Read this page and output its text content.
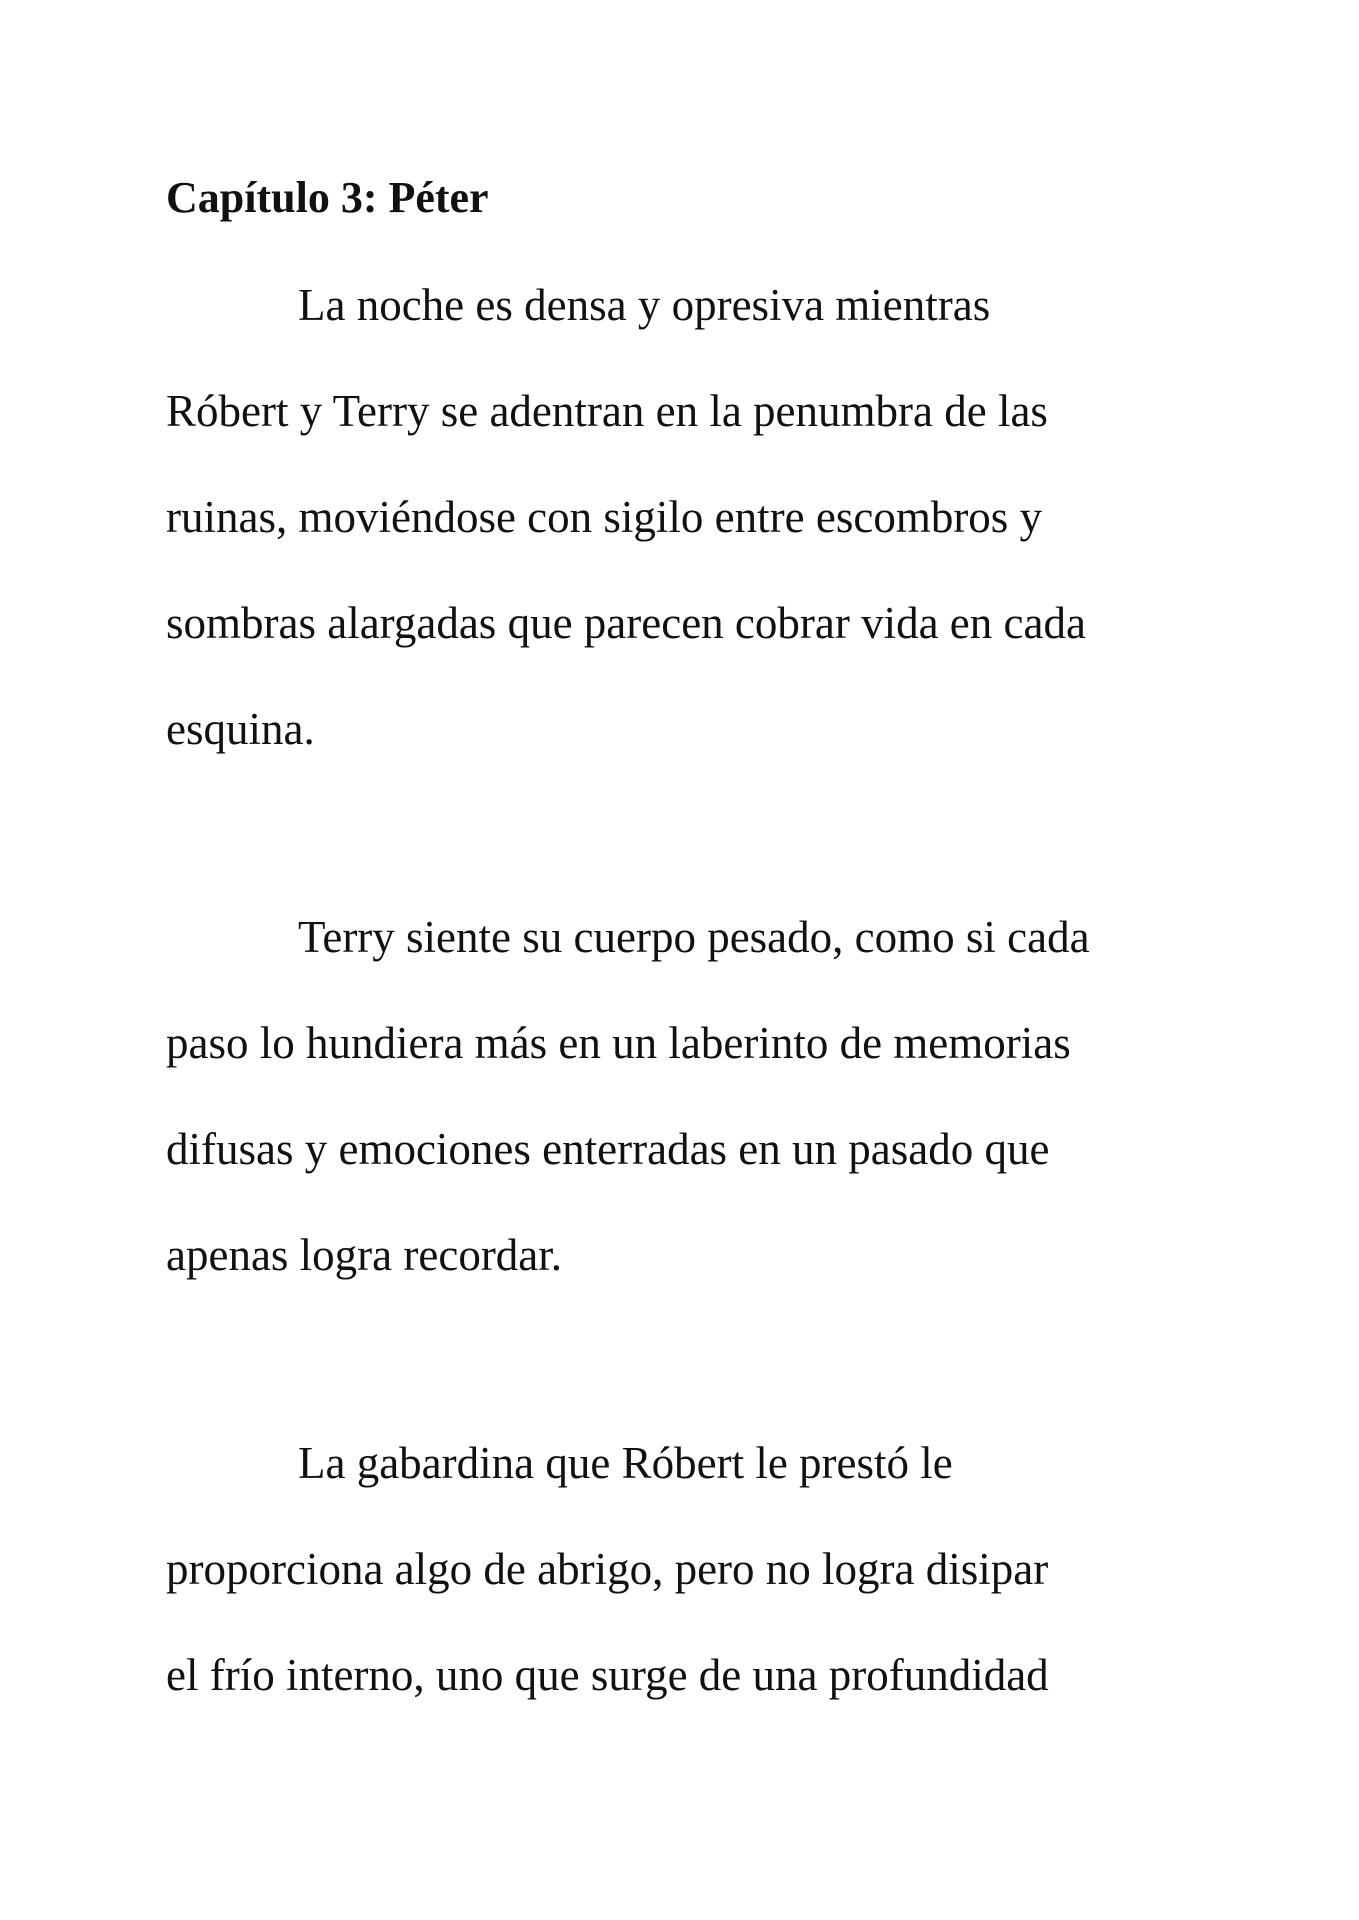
Capítulo 3: Péter
La noche es densa y opresiva mientras
Róbert y Terry se adentran en la penumbra de las
ruinas, moviéndose con sigilo entre escombros y
sombras alargadas que parecen cobrar vida en cada
esquina.
Terry siente su cuerpo pesado, como si cada
paso lo hundiera más en un laberinto de memorias
difusas y emociones enterradas en un pasado que
apenas logra recordar.
La gabardina que Róbert le prestó le
proporciona algo de abrigo, pero no logra disipar
el frío interno, uno que surge de una profundidad
